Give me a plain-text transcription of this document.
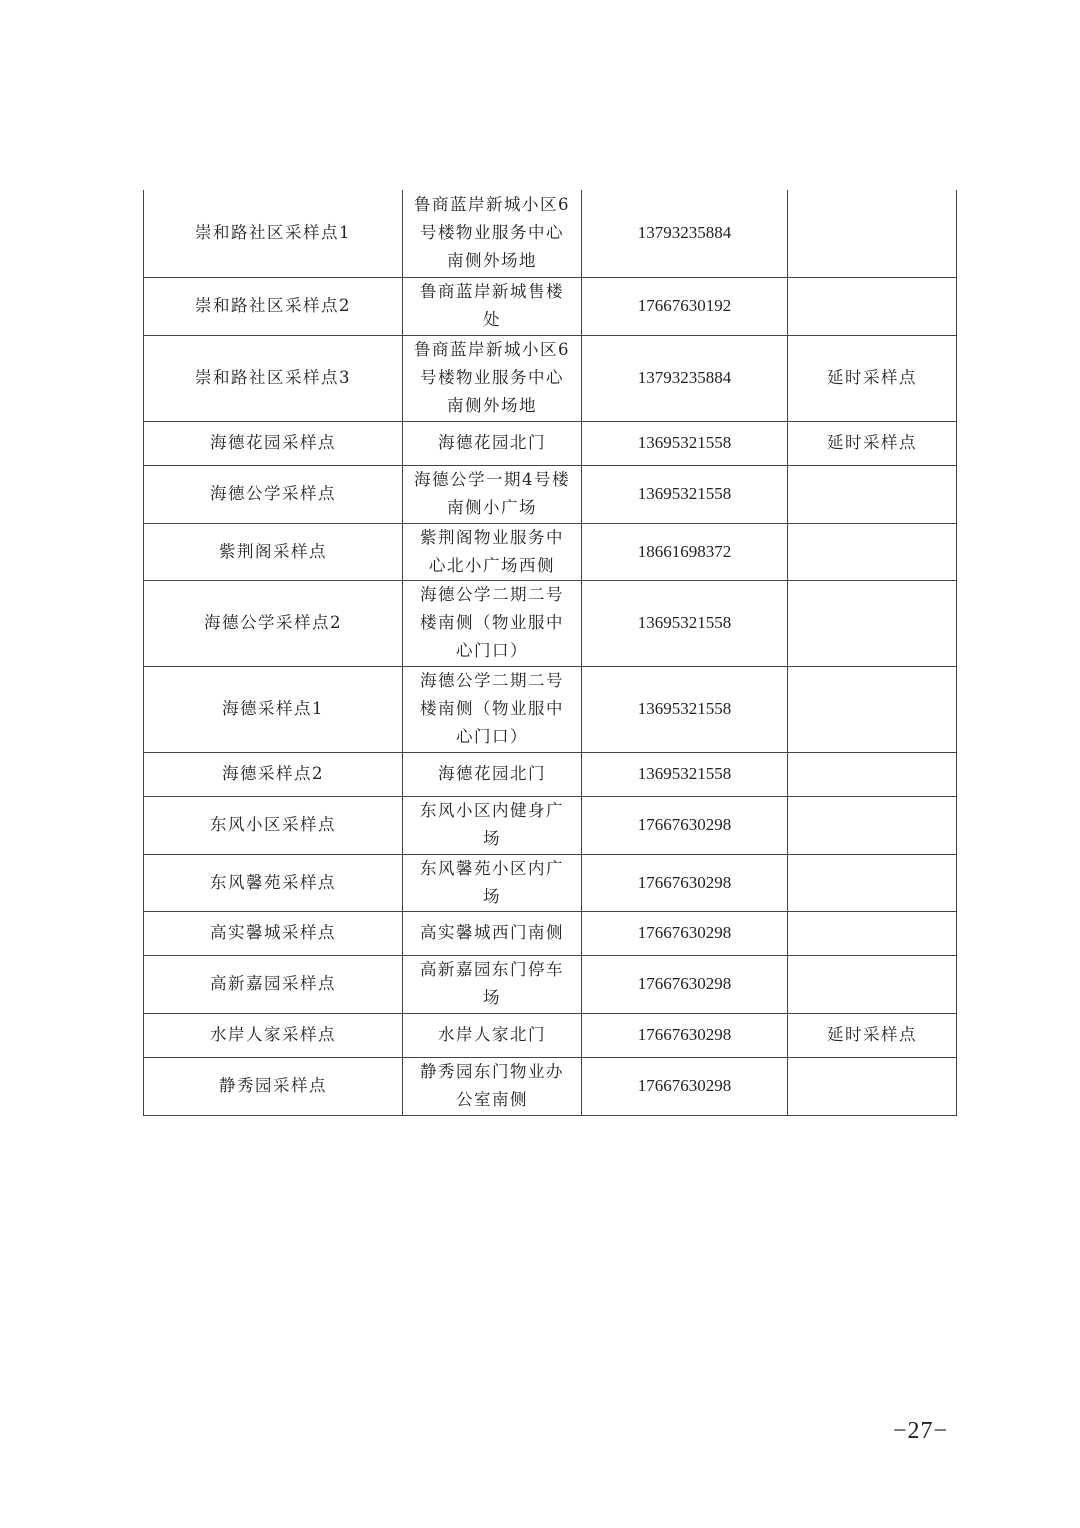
崇和路社区采样点1	鲁商蓝岸新城小区6号楼物业服务中心南侧外场地	13793235884	
崇和路社区采样点2	鲁商蓝岸新城售楼处	17667630192	
崇和路社区采样点3	鲁商蓝岸新城小区6号楼物业服务中心南侧外场地	13793235884	延时采样点
海德花园采样点	海德花园北门	13695321558	延时采样点
海德公学采样点	海德公学一期4号楼南侧小广场	13695321558	
紫荆阁采样点	紫荆阁物业服务中心北小广场西侧	18661698372	
海德公学采样点2	海德公学二期二号楼南侧（物业服中心门口）	13695321558	
海德采样点1	海德公学二期二号楼南侧（物业服中心门口）	13695321558	
海德采样点2	海德花园北门	13695321558	
东风小区采样点	东风小区内健身广场	17667630298	
东风馨苑采样点	东风馨苑小区内广场	17667630298	
高实馨城采样点	高实馨城西门南侧	17667630298	
高新嘉园采样点	高新嘉园东门停车场	17667630298	
水岸人家采样点	水岸人家北门	17667630298	延时采样点
静秀园采样点	静秀园东门物业办公室南侧	17667630298	
−27−
